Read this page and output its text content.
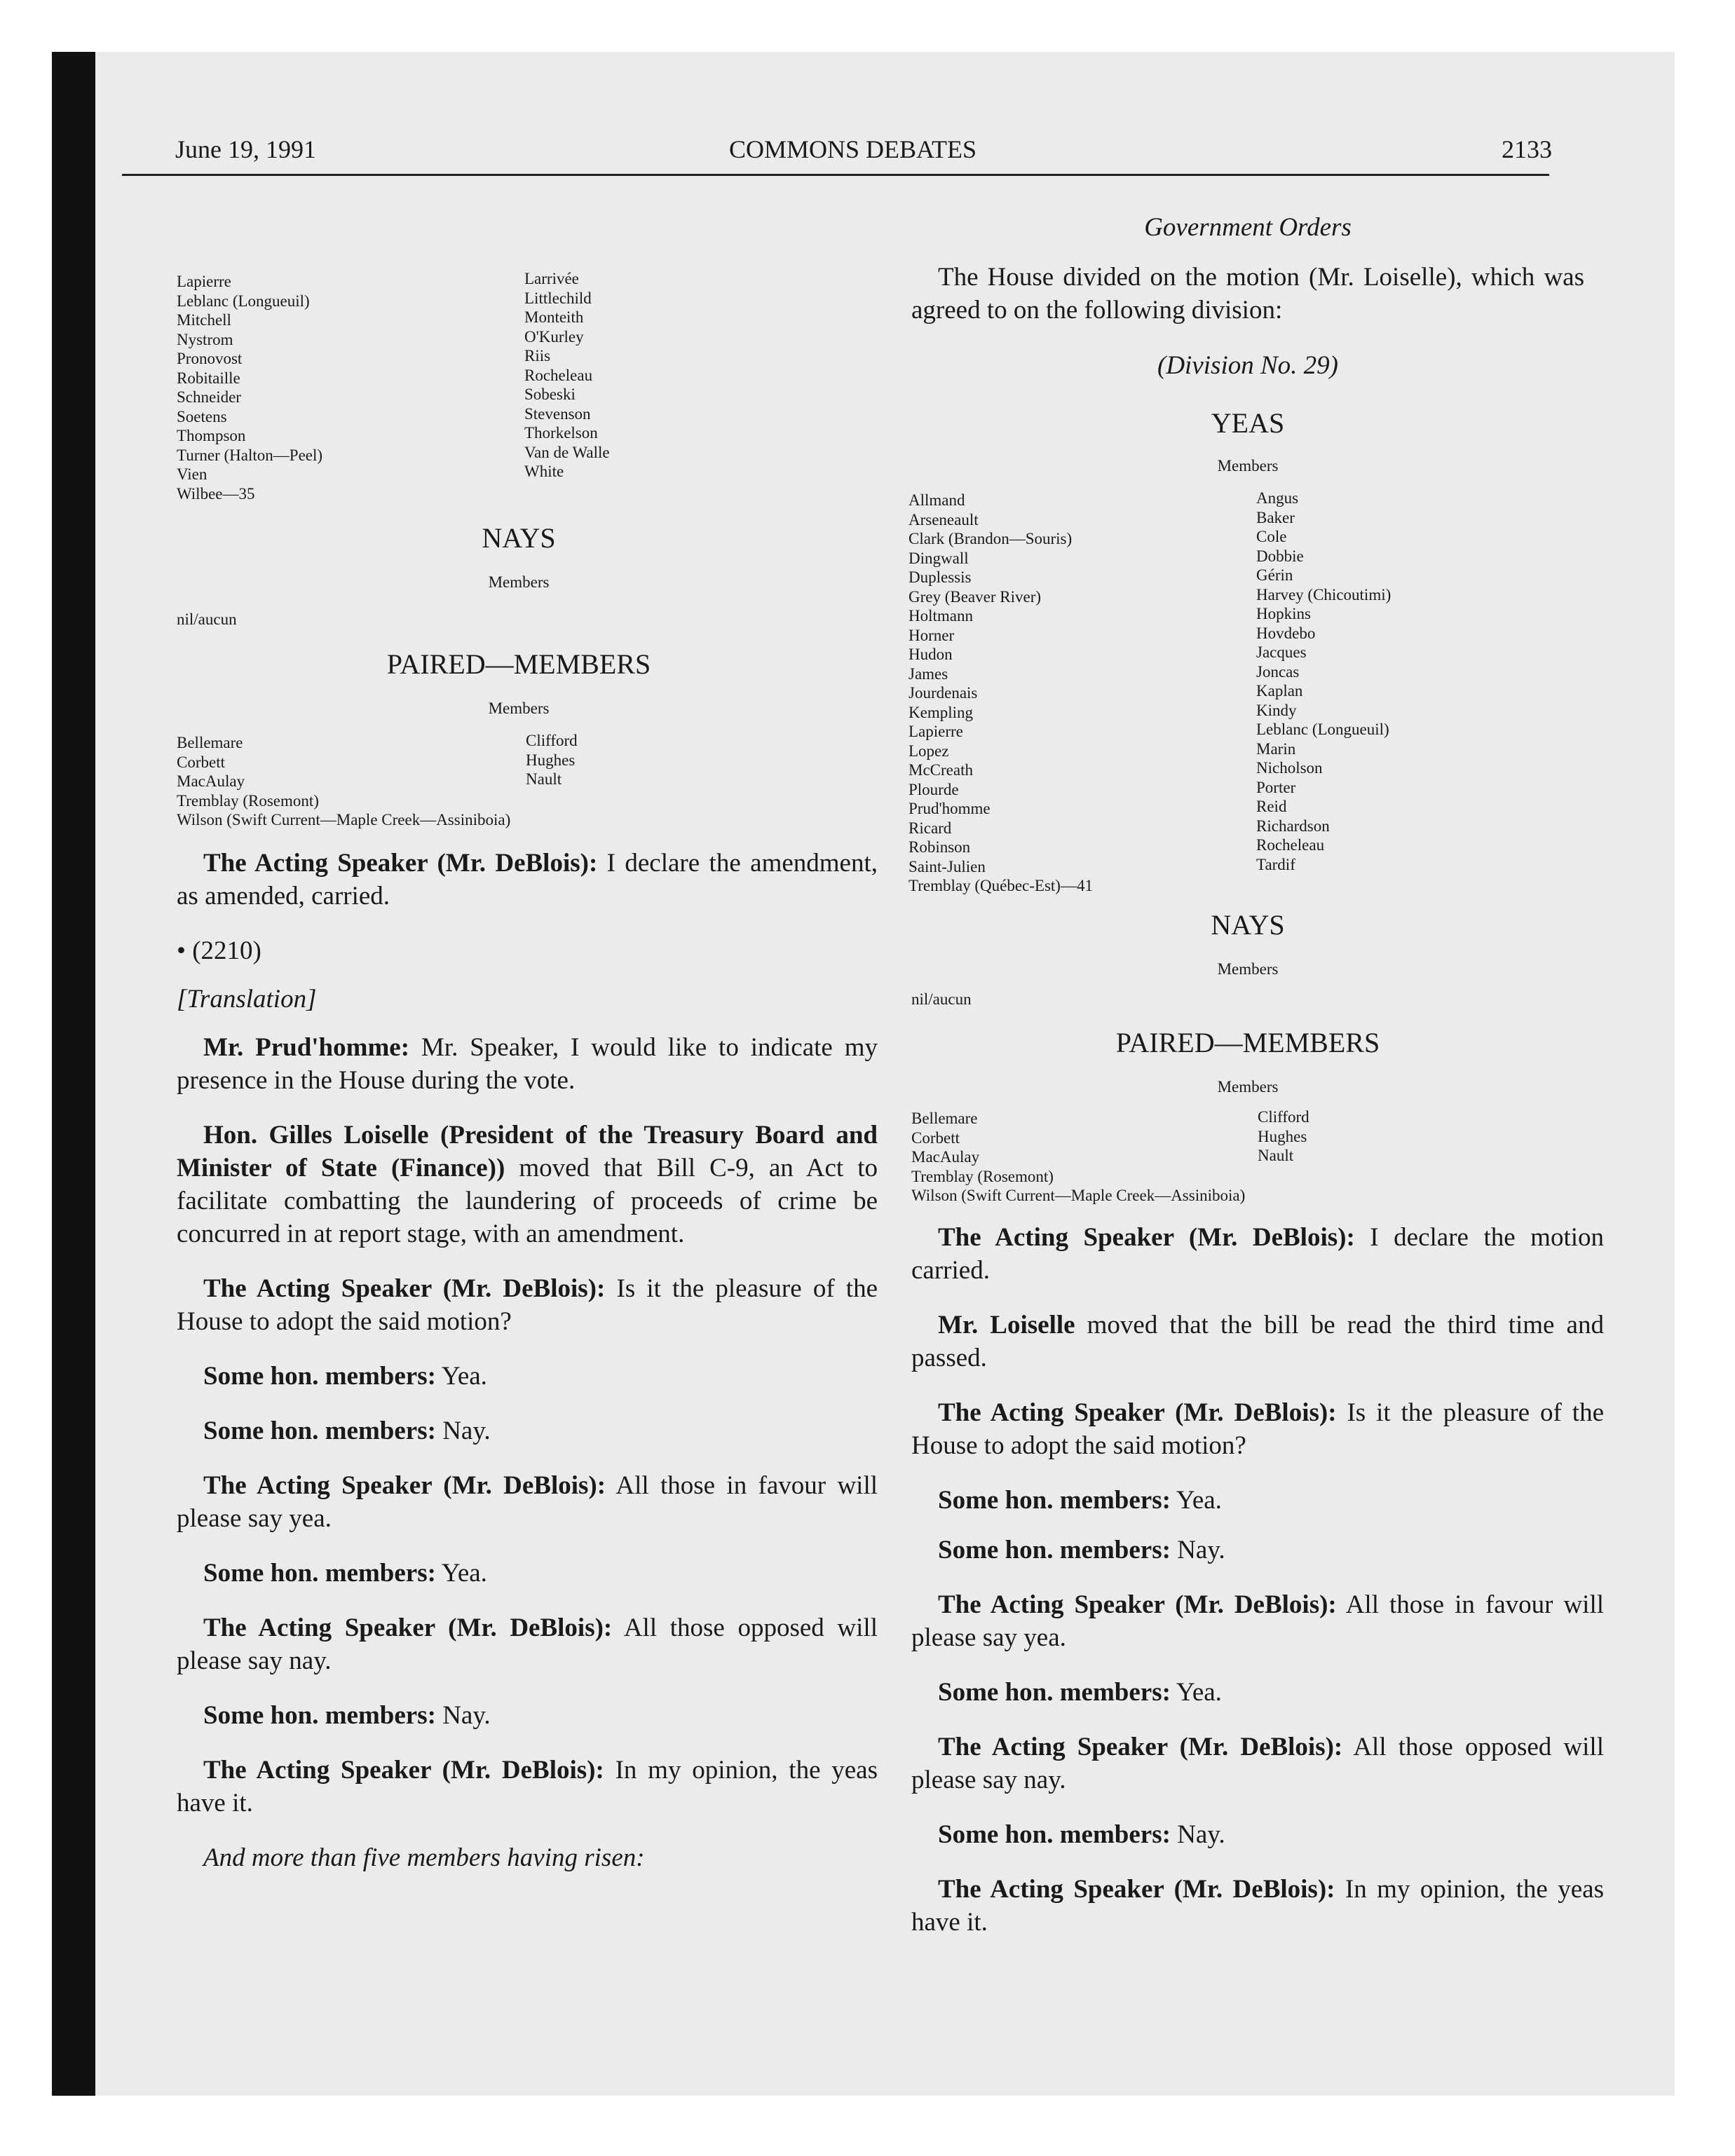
June 19, 1991	COMMONS DEBATES	2133
Lapierre
Leblanc (Longueuil)
Mitchell
Nystrom
Pronovost
Robitaille
Schneider
Soetens
Thompson
Turner (Halton—Peel)
Vien
Wilbee—35
Larrivée
Littlechild
Monteith
O'Kurley
Riis
Rocheleau
Sobeski
Stevenson
Thorkelson
Van de Walle
White
NAYS
Members
nil/aucun
PAIRED—MEMBERS
Members
Bellemare
Corbett
MacAulay
Tremblay (Rosemont)
Wilson (Swift Current—Maple Creek—Assiniboia)
Clifford
Hughes
Nault

The Acting Speaker (Mr. DeBlois): I declare the amendment, as amended, carried.

• (2210)

[Translation]

Mr. Prud'homme: Mr. Speaker, I would like to indicate my presence in the House during the vote.

Hon. Gilles Loiselle (President of the Treasury Board and Minister of State (Finance)) moved that Bill C-9, an Act to facilitate combatting the laundering of proceeds of crime be concurred in at report stage, with an amendment.

The Acting Speaker (Mr. DeBlois): Is it the pleasure of the House to adopt the said motion?

Some hon. members: Yea.

Some hon. members: Nay.

The Acting Speaker (Mr. DeBlois): All those in favour will please say yea.

Some hon. members: Yea.

The Acting Speaker (Mr. DeBlois): All those opposed will please say nay.

Some hon. members: Nay.

The Acting Speaker (Mr. DeBlois): In my opinion, the yeas have it.

And more than five members having risen:

Government Orders

The House divided on the motion (Mr. Loiselle), which was agreed to on the following division:

(Division No. 29)
YEAS
Members
Allmand
Arseneault
Clark (Brandon—Souris)
Dingwall
Duplessis
Grey (Beaver River)
Holtmann
Horner
Hudon
James
Jourdenais
Kempling
Lapierre
Lopez
McCreath
Plourde
Prud'homme
Ricard
Robinson
Saint-Julien
Tremblay (Québec-Est)—41
Angus
Baker
Cole
Dobbie
Gérin
Harvey (Chicoutimi)
Hopkins
Hovdebo
Jacques
Joncas
Kaplan
Kindy
Leblanc (Longueuil)
Marin
Nicholson
Porter
Reid
Richardson
Rocheleau
Tardif
NAYS
Members
nil/aucun
PAIRED—MEMBERS
Members
Bellemare
Corbett
MacAulay
Tremblay (Rosemont)
Wilson (Swift Current—Maple Creek—Assiniboia)
Clifford
Hughes
Nault

The Acting Speaker (Mr. DeBlois): I declare the motion carried.

Mr. Loiselle moved that the bill be read the third time and passed.

The Acting Speaker (Mr. DeBlois): Is it the pleasure of the House to adopt the said motion?

Some hon. members: Yea.

Some hon. members: Nay.

The Acting Speaker (Mr. DeBlois): All those in favour will please say yea.

Some hon. members: Yea.

The Acting Speaker (Mr. DeBlois): All those opposed will please say nay.

Some hon. members: Nay.

The Acting Speaker (Mr. DeBlois): In my opinion, the yeas have it.
